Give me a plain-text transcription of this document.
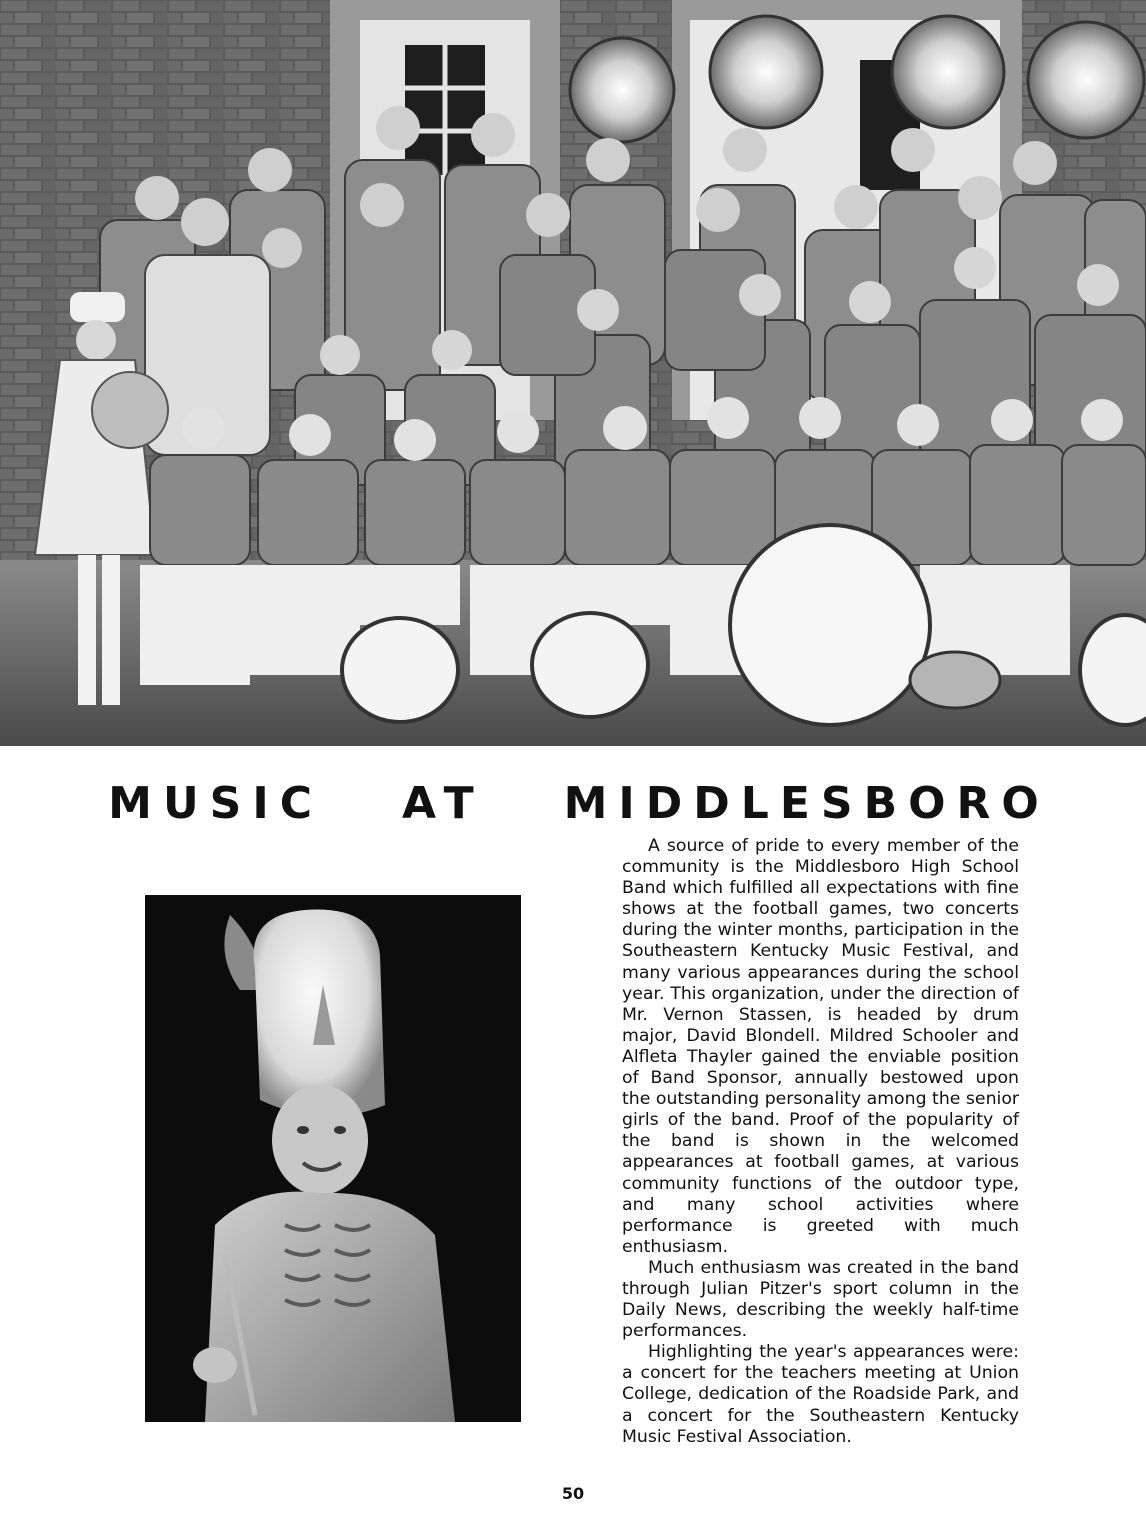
MUSIC   AT   MIDDLESBORO

A source of pride to every member of the community is the Middlesboro High School Band which fulfilled all expectations with fine shows at the football games, two concerts during the winter months, participation in the Southeastern Kentucky Music Festival, and many various appearances during the school year. This organization, under the direction of Mr. Vernon Stassen, is headed by drum major, David Blondell. Mildred Schooler and Alfleta Thayler gained the enviable position of Band Sponsor, annually bestowed upon the outstanding personality among the senior girls of the band. Proof of the popularity of the band is shown in the welcomed appearances at football games, at various community functions of the outdoor type, and many school activities where performance is greeted with much enthusiasm.

Much enthusiasm was created in the band through Julian Pitzer's sport column in the Daily News, describing the weekly half-time performances.

Highlighting the year's appearances were: a concert for the teachers meeting at Union College, dedication of the Roadside Park, and a concert for the Southeastern Kentucky Music Festival Association.

50
